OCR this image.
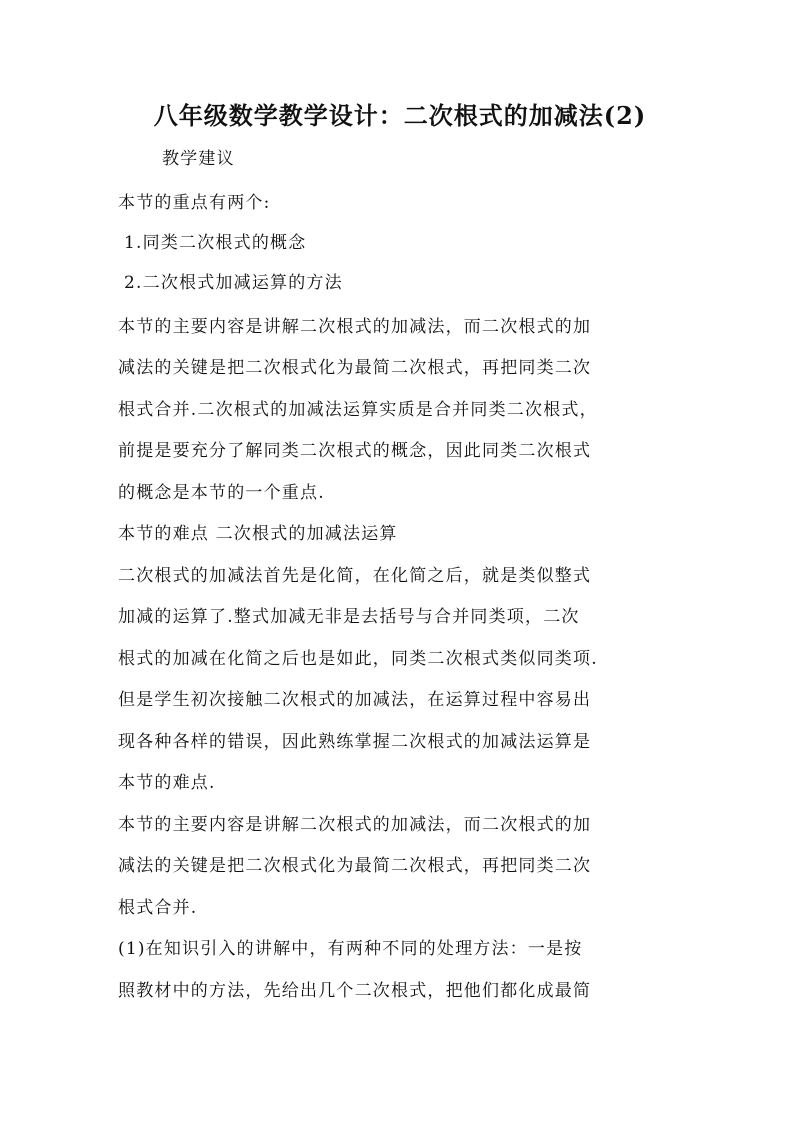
八年级数学教学设计：二次根式的加减法(2)
教学建议
本节的重点有两个:
1.同类二次根式的概念
2.二次根式加减运算的方法
本节的主要内容是讲解二次根式的加减法，而二次根式的加
减法的关键是把二次根式化为最简二次根式，再把同类二次
根式合并.二次根式的加减法运算实质是合并同类二次根式，
前提是要充分了解同类二次根式的概念，因此同类二次根式
的概念是本节的一个重点.
本节的难点 二次根式的加减法运算
二次根式的加减法首先是化简，在化简之后，就是类似整式
加减的运算了.整式加减无非是去括号与合并同类项，二次
根式的加减在化简之后也是如此，同类二次根式类似同类项.
但是学生初次接触二次根式的加减法，在运算过程中容易出
现各种各样的错误，因此熟练掌握二次根式的加减法运算是
本节的难点.
本节的主要内容是讲解二次根式的加减法，而二次根式的加
减法的关键是把二次根式化为最简二次根式，再把同类二次
根式合并.
(1)在知识引入的讲解中，有两种不同的处理方法：一是按
照教材中的方法，先给出几个二次根式，把他们都化成最简
